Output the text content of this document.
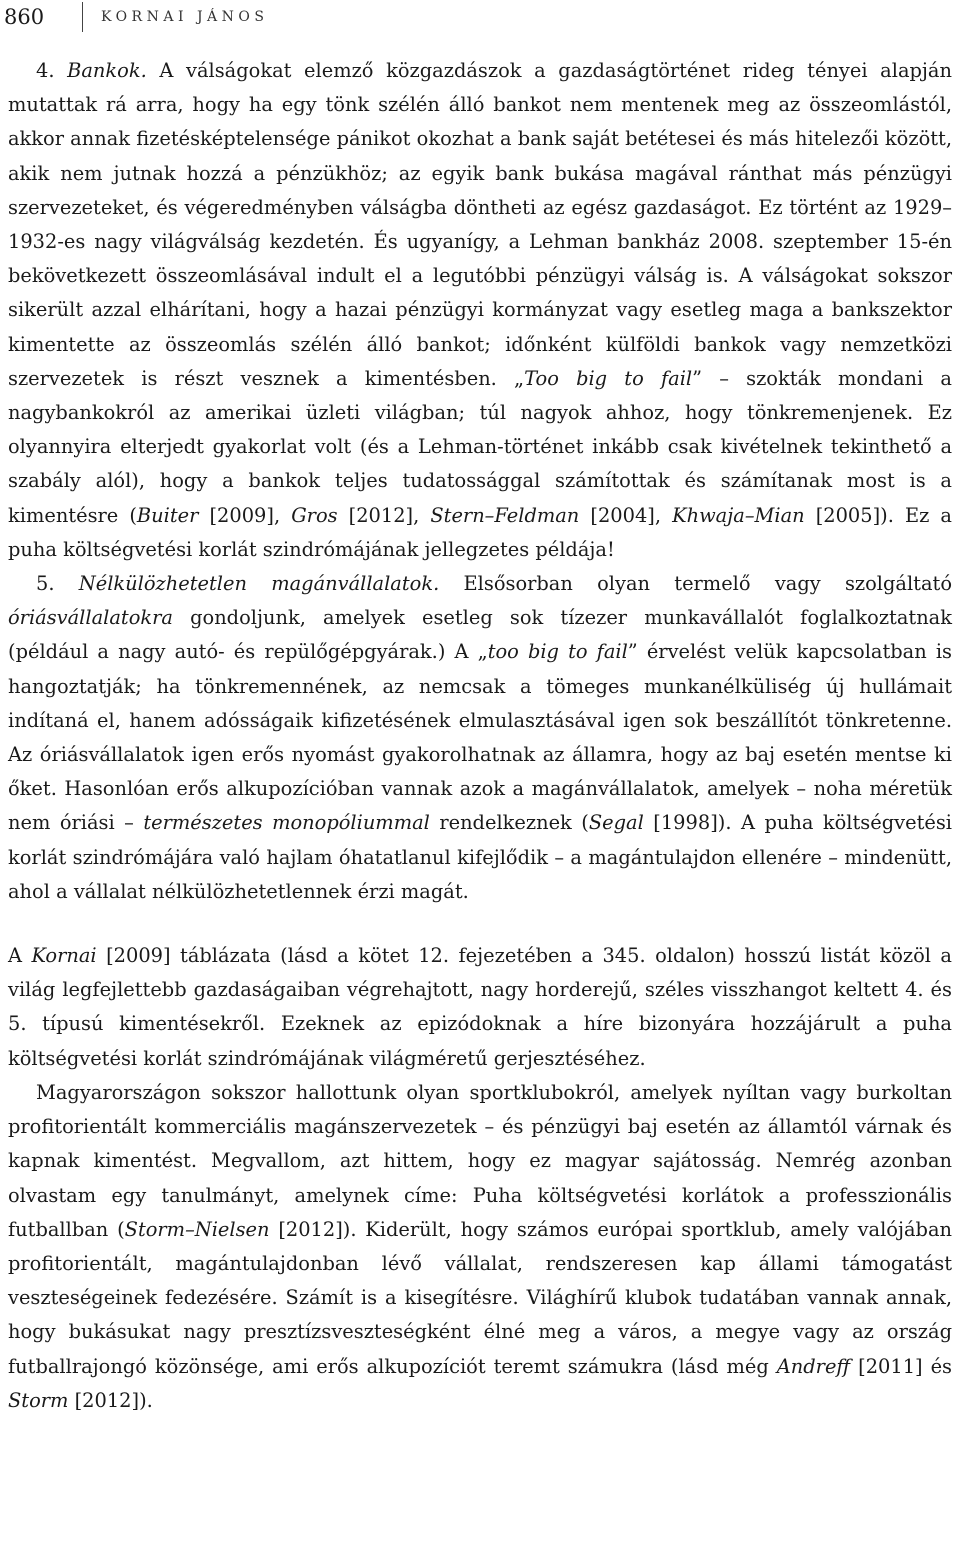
860	KORNAI JÁNOS

4. Bankok. A válságokat elemző közgazdászok a gazdaságtörténet rideg tényei alapján mutattak rá arra, hogy ha egy tönk szélén álló bankot nem mentenek meg az összeomlástól, akkor annak fizetésképtelensége pánikot okozhat a bank saját betétesei és más hitelezői között, akik nem jutnak hozzá a pénzükhöz; az egyik bank bukása magával ránthat más pénzügyi szervezeteket, és végeredményben válságba döntheti az egész gazdaságot. Ez történt az 1929–1932-es nagy világválság kezdetén. És ugyanígy, a Lehman bankház 2008. szeptember 15-én bekövetkezett összeomlásával indult el a legutóbbi pénzügyi válság is. A válságokat sokszor sikerült azzal elhárítani, hogy a hazai pénzügyi kormányzat vagy esetleg maga a bankszektor kimentette az összeomlás szélén álló bankot; időnként külföldi bankok vagy nemzetközi szervezetek is részt vesznek a kimentésben. „Too big to fail” – szokták mondani a nagybankokról az amerikai üzleti világban; túl nagyok ahhoz, hogy tönkremenjenek. Ez olyannyira elterjedt gyakorlat volt (és a Lehman-történet inkább csak kivételnek tekinthető a szabály alól), hogy a bankok teljes tudatossággal számítottak és számítanak most is a kimentésre (Buiter [2009], Gros [2012], Stern–Feldman [2004], Khwaja–Mian [2005]). Ez a puha költségvetési korlát szindrómájának jellegzetes példája!

5. Nélkülözhetetlen magánvállalatok. Elsősorban olyan termelő vagy szolgáltató óriásvállalatokra gondoljunk, amelyek esetleg sok tízezer munkavállalót foglalkoztatnak (például a nagy autó- és repülőgépgyárak.) A „too big to fail” érvelést velük kapcsolatban is hangoztatják; ha tönkremennének, az nemcsak a tömeges munkanélküliség új hullámait indítaná el, hanem adósságaik kifizetésének elmulasztásával igen sok beszállítót tönkretenne. Az óriásvállalatok igen erős nyomást gyakorolhatnak az államra, hogy az baj esetén mentse ki őket. Hasonlóan erős alkupozícióban vannak azok a magánvállalatok, amelyek – noha méretük nem óriási – természetes monopóliummal rendelkeznek (Segal [1998]). A puha költségvetési korlát szindrómájára való hajlam óhatatlanul kifejlődik – a magántulajdon ellenére – mindenütt, ahol a vállalat nélkülözhetetlennek érzi magát.

A Kornai [2009] táblázata (lásd a kötet 12. fejezetében a 345. oldalon) hosszú listát közöl a világ legfejlettebb gazdaságaiban végrehajtott, nagy horderejű, széles visszhangot keltett 4. és 5. típusú kimentésekről. Ezeknek az epizódoknak a híre bizonyára hozzájárult a puha költségvetési korlát szindrómájának világméretű gerjesztéséhez.

Magyarországon sokszor hallottunk olyan sportklubokról, amelyek nyíltan vagy burkoltan profitorientált kommerciális magánszervezetek – és pénzügyi baj esetén az államtól várnak és kapnak kimentést. Megvallom, azt hittem, hogy ez magyar sajátosság. Nemrég azonban olvastam egy tanulmányt, amelynek címe: Puha költségvetési korlátok a professzionális futballban (Storm–Nielsen [2012]). Kiderült, hogy számos európai sportklub, amely valójában profitorientált, magántulajdonban lévő vállalat, rendszeresen kap állami támogatást veszteségeinek fedezésére. Számít is a kisegítésre. Világhírű klubok tudatában vannak annak, hogy bukásukat nagy presztízsveszteségként élné meg a város, a megye vagy az ország futballrajongó közönsége, ami erős alkupozíciót teremt számukra (lásd még Andreff [2011] és Storm [2012]).
